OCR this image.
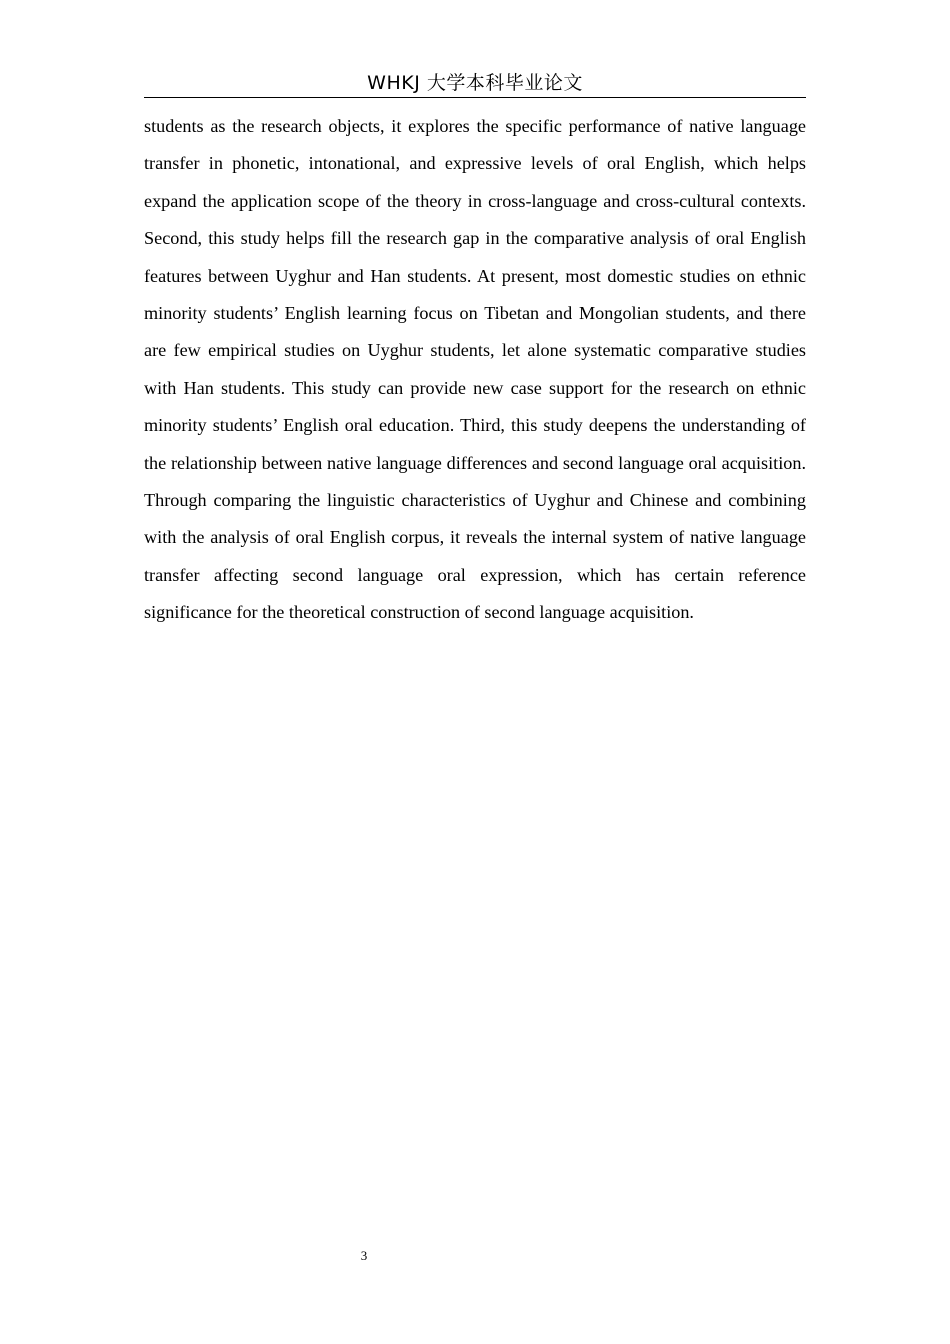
WHKJ 大学本科毕业论文

students as the research objects, it explores the specific performance of native language transfer in phonetic, intonational, and expressive levels of oral English, which helps expand the application scope of the theory in cross-language and cross-cultural contexts. Second, this study helps fill the research gap in the comparative analysis of oral English features between Uyghur and Han students. At present, most domestic studies on ethnic minority students’ English learning focus on Tibetan and Mongolian students, and there are few empirical studies on Uyghur students, let alone systematic comparative studies with Han students. This study can provide new case support for the research on ethnic minority students’ English oral education. Third, this study deepens the understanding of the relationship between native language differences and second language oral acquisition. Through comparing the linguistic characteristics of Uyghur and Chinese and combining with the analysis of oral English corpus, it reveals the internal system of native language transfer affecting second language oral expression, which has certain reference significance for the theoretical construction of second language acquisition.

3
